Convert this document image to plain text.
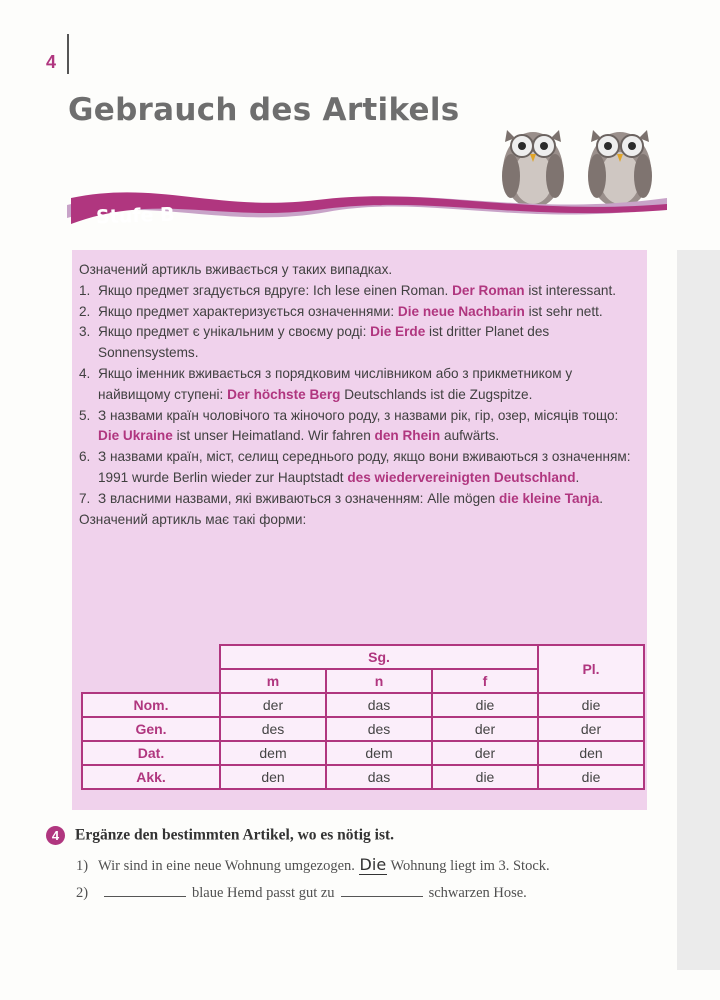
4
Gebrauch des Artikels
Stufe B

Означений артикль вживається у таких випадках.

1. Якщо предмет згадується вдруге: Ich lese einen Roman. Der Roman ist interessant.
2. Якщо предмет характеризується означеннями: Die neue Nachbarin ist sehr nett.
3. Якщо предмет є унікальним у своєму роді: Die Erde ist dritter Planet des Sonnensystems.
4. Якщо іменник вживається з порядковим числівником або з прикметником у найвищому ступені: Der höchste Berg Deutschlands ist die Zugspitze.
5. З назвами країн чоловічого та жіночого роду, з назвами рік, гір, озер, місяців тощо: Die Ukraine ist unser Heimatland. Wir fahren den Rhein aufwärts.
6. З назвами країн, міст, селищ середнього роду, якщо вони вживаються з означенням: 1991 wurde Berlin wieder zur Hauptstadt des wiedervereinigten Deutschland.
7. З власними назвами, які вживаються з означенням: Alle mögen die kleine Tanja.

Означений артикль має такі форми:

	Sg.			Pl.
	m	n	f	
Nom.	der	das	die	die
Gen.	des	des	der	der
Dat.	dem	dem	der	den
Akk.	den	das	die	die
4 Ergänze den bestimmten Artikel, wo es nötig ist.
1) Wir sind in eine neue Wohnung umgezogen. Die Wohnung liegt im 3. Stock.
2)	blaue Hemd passt gut zu	schwarzen Hose.
